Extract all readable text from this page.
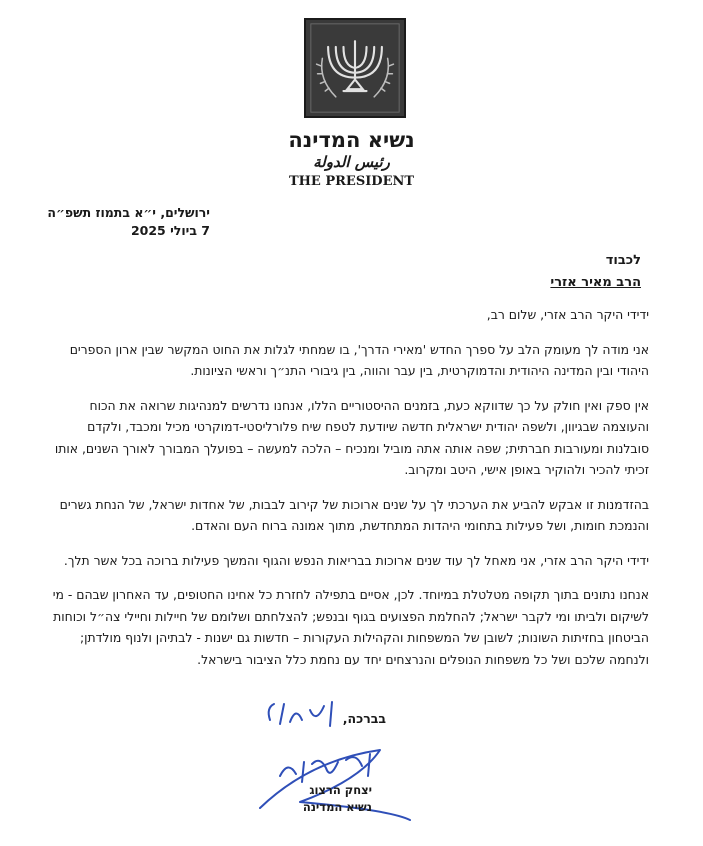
נשיא המדינה
رئيس الدولة
THE PRESIDENT
ירושלים, י״א בתמוז תשפ״ה
7 ביולי 2025
לכבוד
הרב מאיר אזרי

ידידי היקר הרב אזרי, שלום רב,

אני מודה לך מעומק הלב על ספרך החדש 'מאירי הדרך', בו שמחתי לגלות את החוט המקשר שבין ארון הספרים היהודי ובין המדינה היהודית והדמוקרטית, בין עבר והווה, בין גיבורי התנ״ך וראשי הציונות.

אין ספק ואין חולק על כך שדווקא כעת, בזמנים ההיסטוריים הללו, אנחנו נדרשים למנהיגות שרואה את הכוח והעוצמה שבגיוון, ולשפה יהודית ישראלית חדשה שיודעת לטפח שיח פלורליסטי-דמוקרטי מכיל ומכבד, ולקדם סובלנות ומעורבות חברתית; שפה אותה אתה מוביל ומנכיח – הלכה למעשה – בפועלך המבורך לאורך השנים, אותו זכיתי להכיר ולהוקיר באופן אישי, היטב ומקרוב.

בהזדמנות זו אבקש להביע את הערכתי לך על שנים ארוכות של קירוב לבבות, של אחדות ישראל, של הנחת גשרים והנמכת חומות, ושל פעילות בתחומי היהדות המתחדשת, מתוך אמונה ברוח העם והאדם.

ידידי היקר הרב אזרי, אני מאחל לך עוד שנים ארוכות בבריאות הנפש והגוף והמשך פעילות ברוכה בכל אשר תלך.

אנחנו נתונים בתוך תקופה מטלטלת במיוחד. לכן, אסיים בתפילה לחזרת כל אחינו החטופים, עד האחרון שבהם - מי לשיקום ולביתו ומי לקבר ישראל; להחלמת הפצועים בגוף ובנפש; להצלחתם ושלומם של חיילות וחיילי צה״ל וכוחות הביטחון בחזיתות השונות; לשובן של המשפחות והקהילות העקורות – חדשות גם ישנות - לבתיהן ולנוף מולדתן; ולנחמה שלכם ושל כל משפחות הנופלים והנרצחים יחד עם נחמת כלל הציבור בישראל.

בברכה,
יצחק הרצוג
נשיא המדינה
